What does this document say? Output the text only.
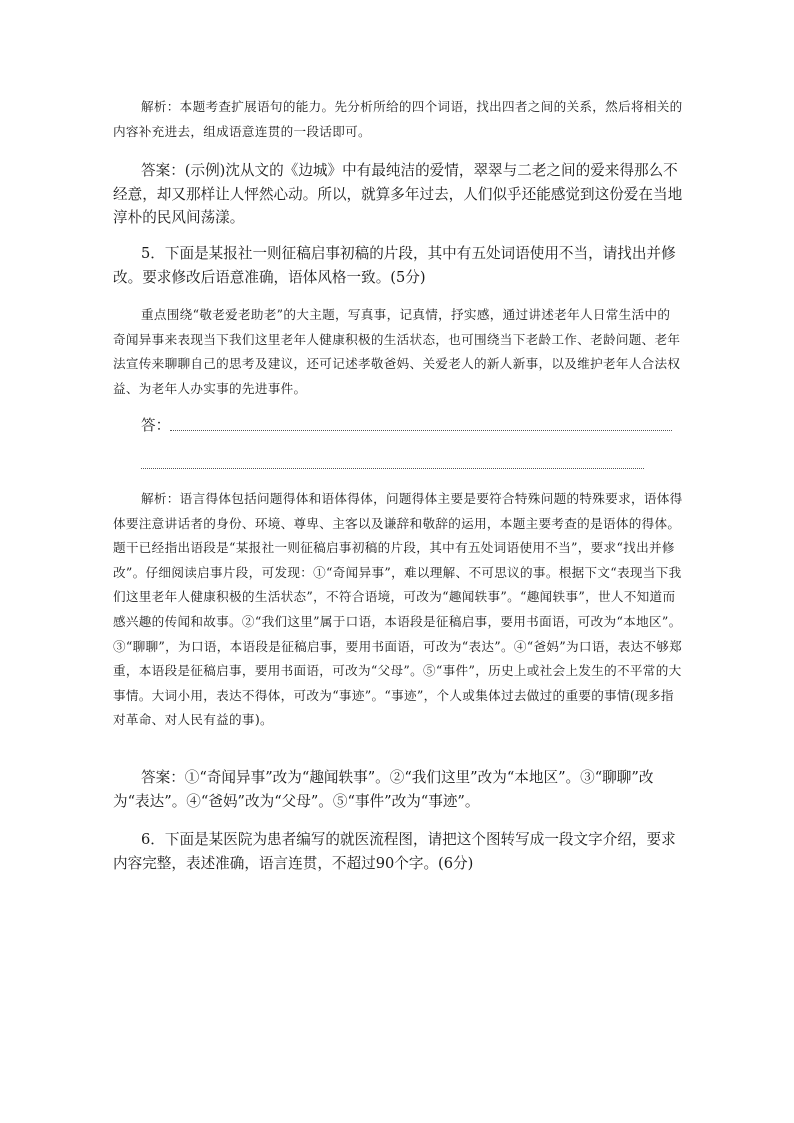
解析：本题考查扩展语句的能力。先分析所给的四个词语，找出四者之间的关系，然后将相关的内容补充进去，组成语意连贯的一段话即可。

答案：(示例)沈从文的《边城》中有最纯洁的爱情，翠翠与二老之间的爱来得那么不经意，却又那样让人怦然心动。所以，就算多年过去，人们似乎还能感觉到这份爱在当地淳朴的民风间荡漾。

5．下面是某报社一则征稿启事初稿的片段，其中有五处词语使用不当，请找出并修改。要求修改后语意准确，语体风格一致。(5分)

重点围绕“敬老爱老助老”的大主题，写真事，记真情，抒实感，通过讲述老年人日常生活中的奇闻异事来表现当下我们这里老年人健康积极的生活状态，也可围绕当下老龄工作、老龄问题、老年法宣传来聊聊自己的思考及建议，还可记述孝敬爸妈、关爱老人的新人新事，以及维护老年人合法权益、为老年人办实事的先进事件。

答：

解析：语言得体包括问题得体和语体得体，问题得体主要是要符合特殊问题的特殊要求，语体得体要注意讲话者的身份、环境、尊卑、主客以及谦辞和敬辞的运用，本题主要考查的是语体的得体。题干已经指出语段是“某报社一则征稿启事初稿的片段，其中有五处词语使用不当”，要求“找出并修改”。仔细阅读启事片段，可发现：①“奇闻异事”，难以理解、不可思议的事。根据下文“表现当下我们这里老年人健康积极的生活状态”，不符合语境，可改为“趣闻轶事”。“趣闻轶事”，世人不知道而感兴趣的传闻和故事。②“我们这里”属于口语，本语段是征稿启事，要用书面语，可改为“本地区”。③“聊聊”，为口语，本语段是征稿启事，要用书面语，可改为“表达”。④“爸妈”为口语，表达不够郑重，本语段是征稿启事，要用书面语，可改为“父母”。⑤“事件”，历史上或社会上发生的不平常的大事情。大词小用，表达不得体，可改为“事迹”。“事迹”，个人或集体过去做过的重要的事情(现多指对革命、对人民有益的事)。

答案：①“奇闻异事”改为“趣闻轶事”。②“我们这里”改为“本地区”。③“聊聊”改为“表达”。④“爸妈”改为“父母”。⑤“事件”改为“事迹”。

6．下面是某医院为患者编写的就医流程图，请把这个图转写成一段文字介绍，要求内容完整，表述准确，语言连贯，不超过90个字。(6分)
